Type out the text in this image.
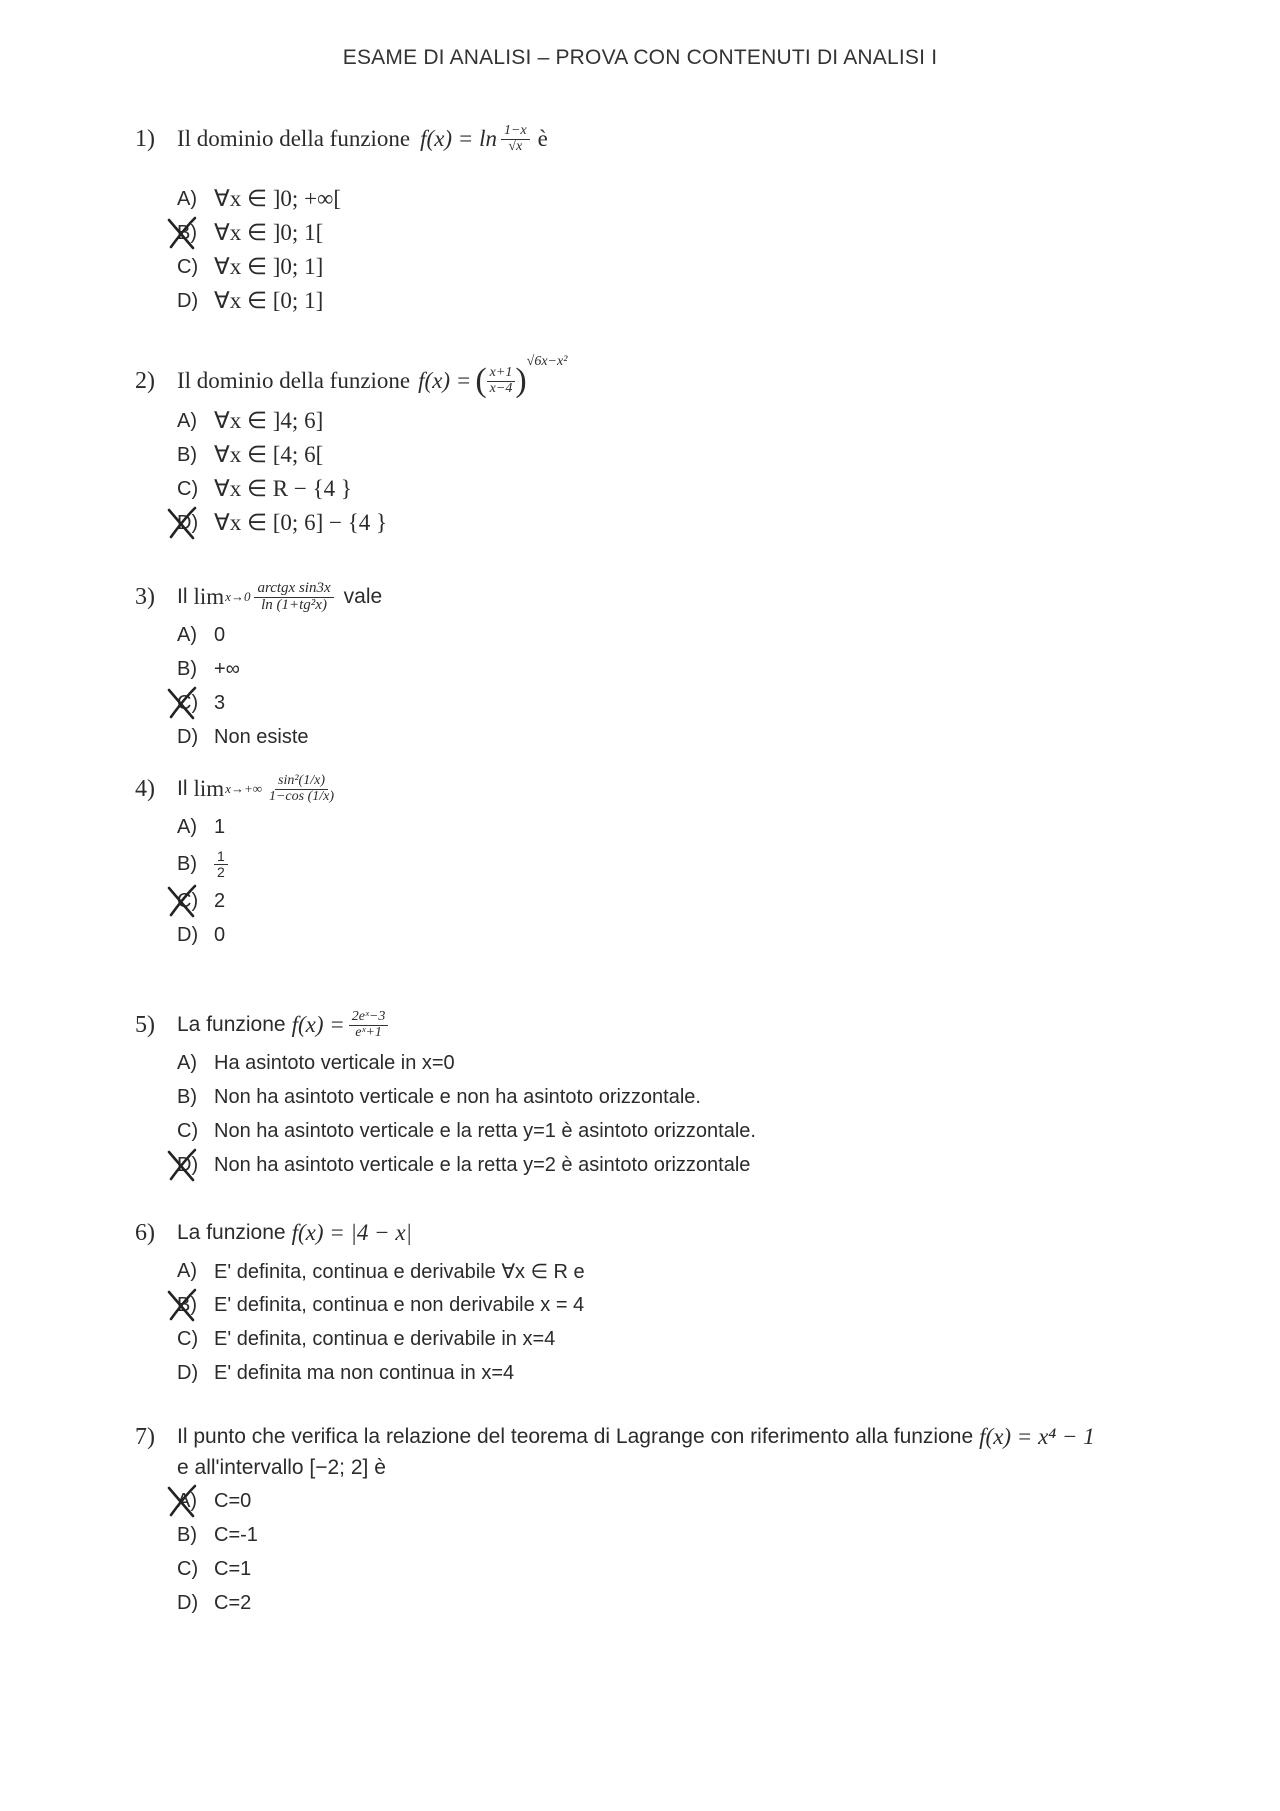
ESAME DI ANALISI – PROVA CON CONTENUTI DI ANALISI I
1) Il dominio della funzione $f(x) = \ln \frac{1-x}{√x}$ è
A) ∀x ∈ ]0; +∞[
B) ∀x ∈ ]0; 1[
C) ∀x ∈ ]0; 1]
D) ∀x ∈ [0; 1]
2) Il dominio della funzione f(x) = ( $\frac{x+1}{x-4}$ )
√6x−x²
A) ∀x ∈ ]4; 6]
B) ∀x ∈ [4; 6[
C) ∀x ∈ R − {4 }
D) ∀x ∈ [0; 6] − {4 }
3)	Il $\lim x\to 0 \frac{\text{arctgx sin3x}}{\text{ln (1+tg²x)}}$ vale
A) 0
B) +∞
C) 3
D) Non esiste
4)	Il $\lim x\to+\infty \frac{\text{sin²(1/x)}}{1-\cos (1/x)}$
A) 1
B)	$\frac{1}{2}$
C) 2
D) 0
5)	La funzione $f(x) = \frac{\text{2eˣ−3}}{\text{eˣ+1}}$
A) Ha asintoto verticale in x=0
B) Non ha asintoto verticale e non ha asintoto orizzontale.
C) Non ha asintoto verticale e la retta y=1 è asintoto orizzontale.
D) Non ha asintoto verticale e la retta y=2 è asintoto orizzontale
6)	La funzione f(x) = |4 − x|
A) E' definita, continua e derivabile ∀x ∈ R e
B) E' definita, continua e non derivabile x = 4
C) E' definita, continua e derivabile in x=4
D) E' definita ma non continua in x=4
7)	Il punto che verifica la relazione del teorema di Lagrange con riferimento alla funzione f(x) = x⁴ − 1
e all'intervallo [−2; 2] è
A) C=0
B) C=-1
C) C=1
D) C=2
